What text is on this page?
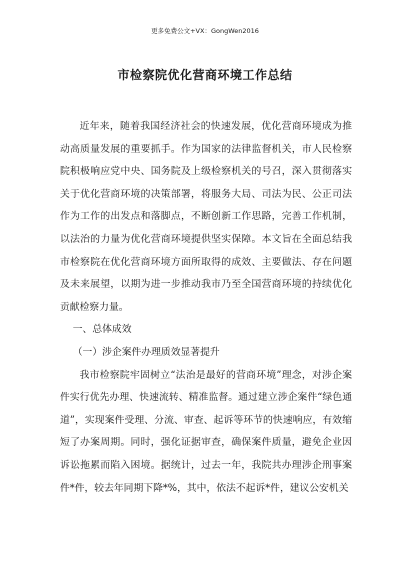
更多免费公文+VX：GongWen2016
市检察院优化营商环境工作总结

近年来，随着我国经济社会的快速发展，优化营商环境成为推动高质量发展的重要抓手。作为国家的法律监督机关，市人民检察院积极响应党中央、国务院及上级检察机关的号召，深入贯彻落实关于优化营商环境的决策部署，将服务大局、司法为民、公正司法作为工作的出发点和落脚点，不断创新工作思路，完善工作机制，以法治的力量为优化营商环境提供坚实保障。本文旨在全面总结我市检察院在优化营商环境方面所取得的成效、主要做法、存在问题及未来展望，以期为进一步推动我市乃至全国营商环境的持续优化贡献检察力量。

一、总体成效

（一）涉企案件办理质效显著提升

我市检察院牢固树立“法治是最好的营商环境”理念，对涉企案件实行优先办理、快速流转、精准监督。通过建立涉企案件“绿色通道”，实现案件受理、分流、审查、起诉等环节的快速响应，有效缩短了办案周期。同时，强化证据审查，确保案件质量，避免企业因诉讼拖累而陷入困境。据统计，过去一年，我院共办理涉企刑事案件*件，较去年同期下降*%，其中，依法不起诉*件，建议公安机关
